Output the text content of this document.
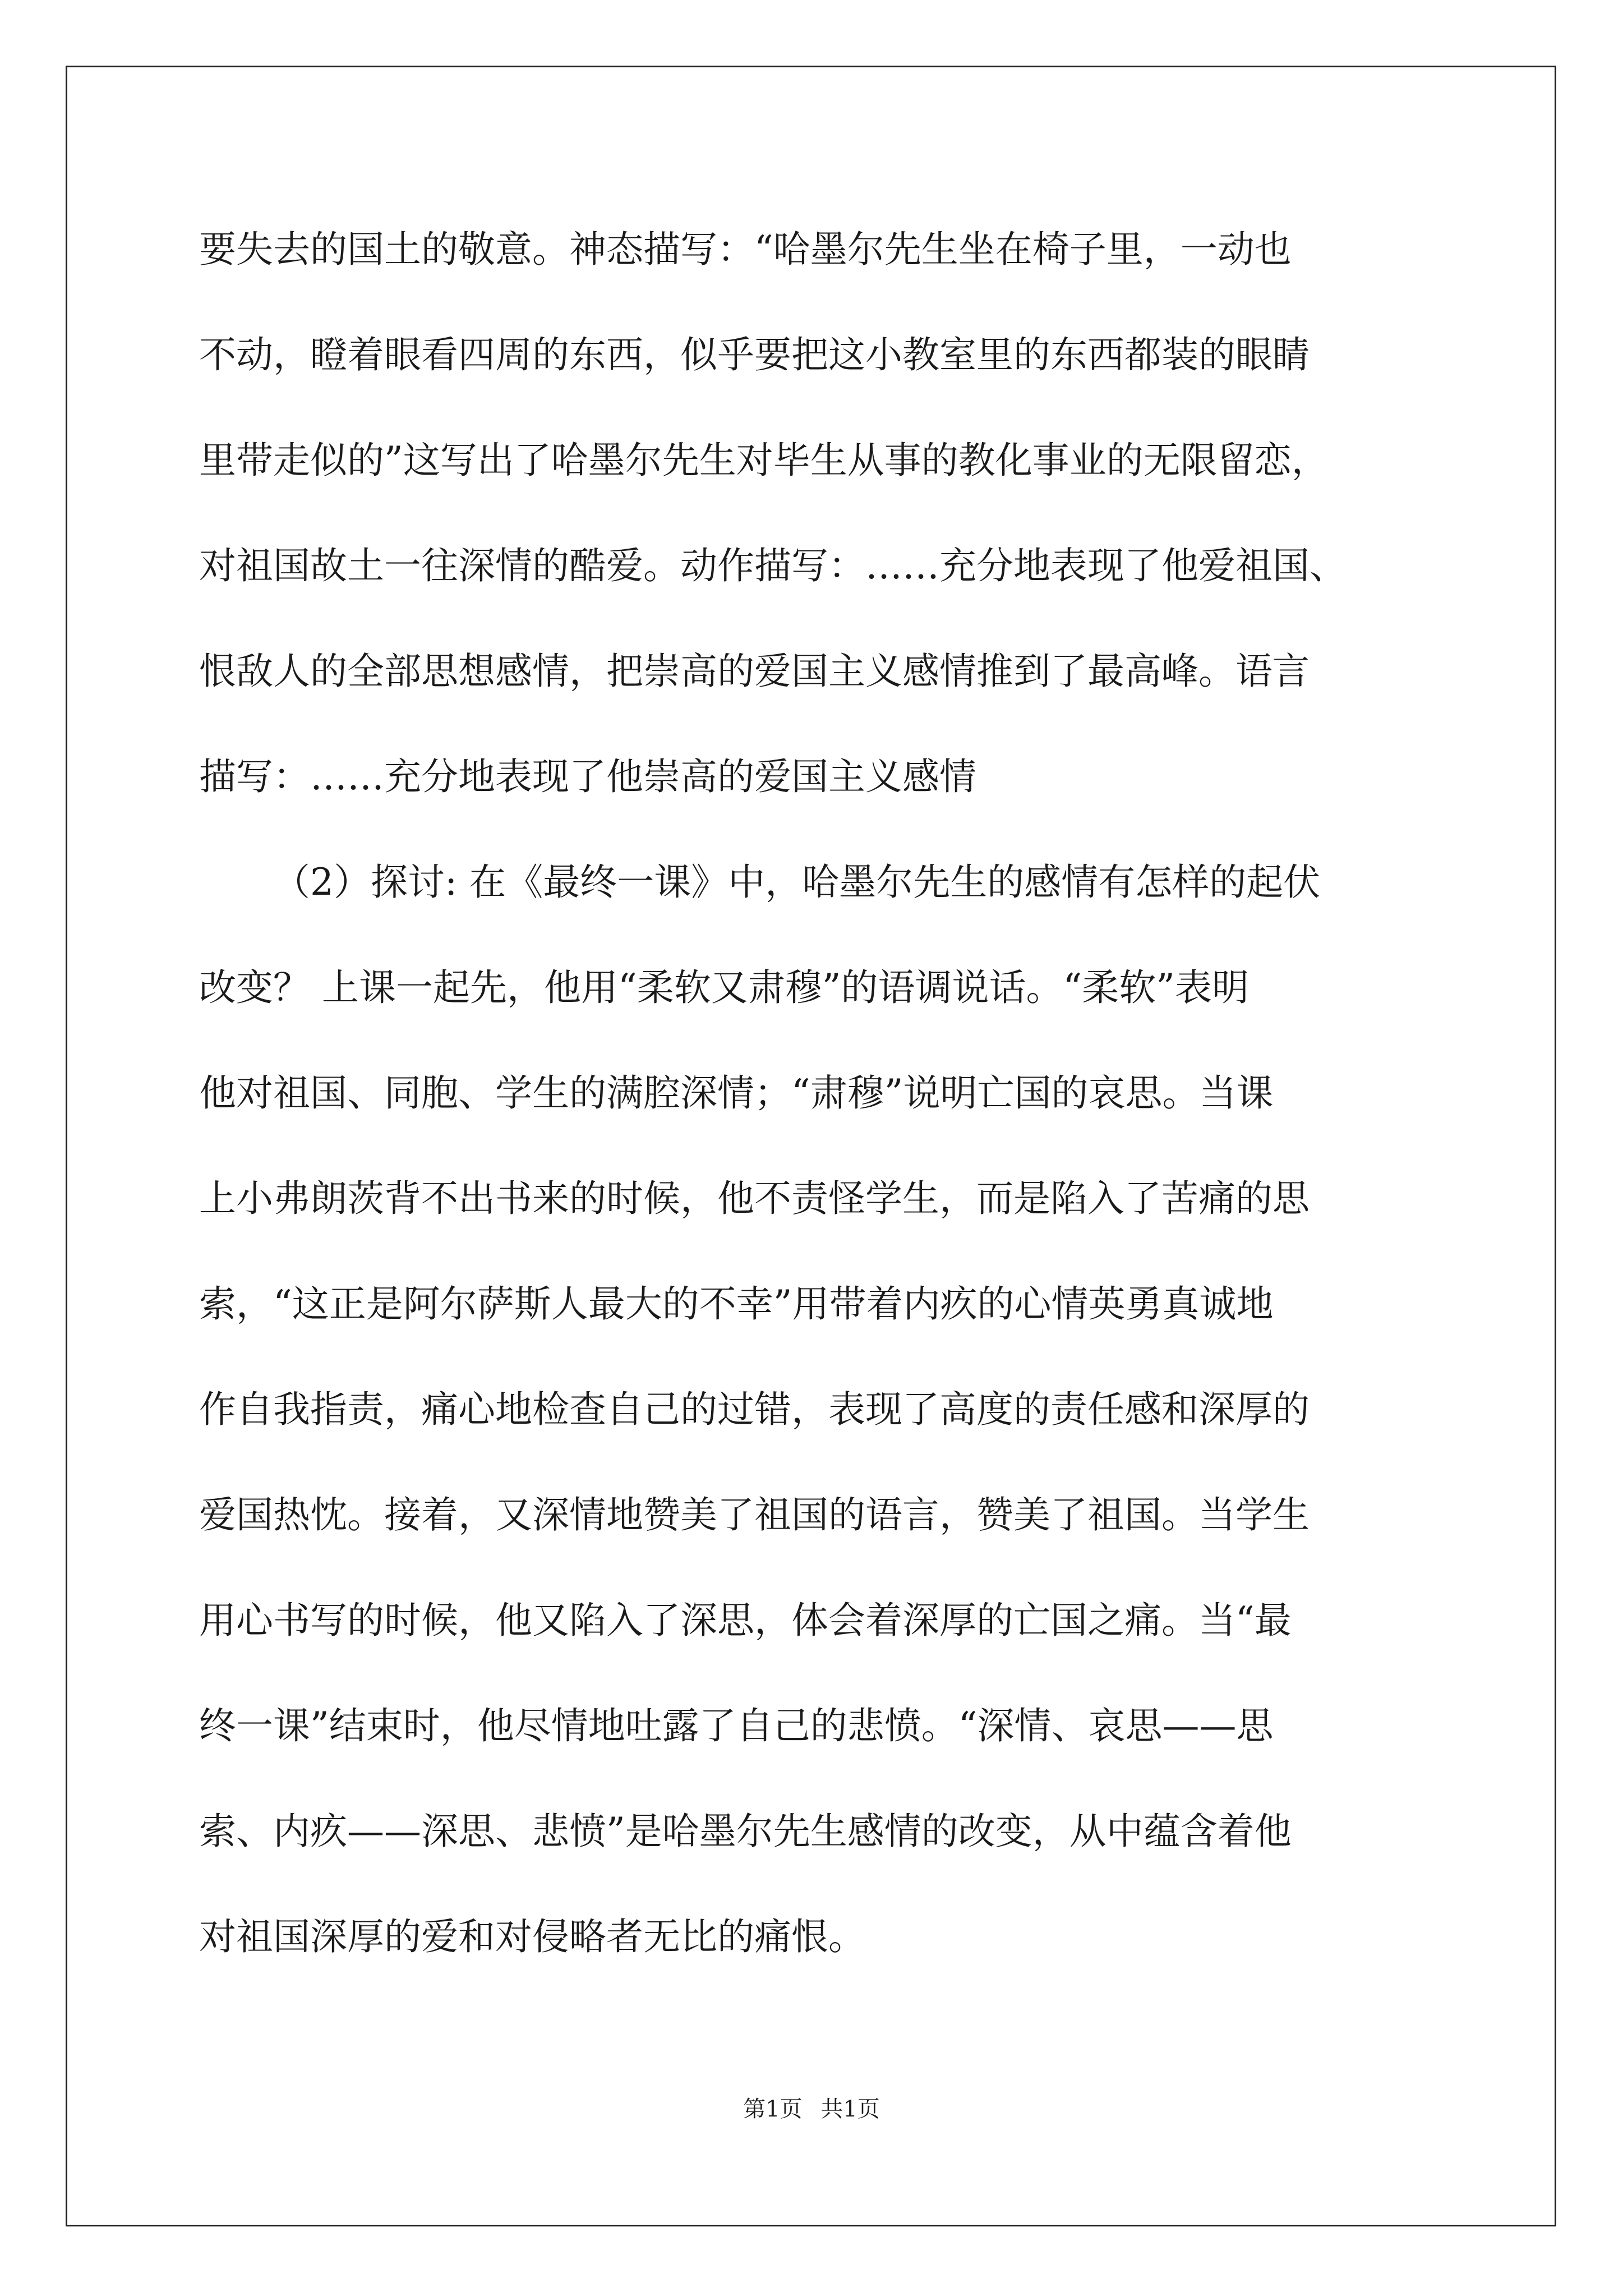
要失去的国土的敬意。神态描写：“哈墨尔先生坐在椅子里，一动也
不动，瞪着眼看四周的东西，似乎要把这小教室里的东西都装的眼睛
里带走似的”这写出了哈墨尔先生对毕生从事的教化事业的无限留恋，
对祖国故土一往深情的酷爱。动作描写：……充分地表现了他爱祖国、
恨敌人的全部思想感情，把崇高的爱国主义感情推到了最高峰。语言
描写：……充分地表现了他崇高的爱国主义感情
（2）探讨: 在《最终一课》中，哈墨尔先生的感情有怎样的起伏
改变？ 上课一起先，他用“柔软又肃穆”的语调说话。“柔软”表明
他对祖国、同胞、学生的满腔深情；“肃穆”说明亡国的哀思。当课
上小弗朗茨背不出书来的时候，他不责怪学生，而是陷入了苦痛的思
索，“这正是阿尔萨斯人最大的不幸”用带着内疚的心情英勇真诚地
作自我指责，痛心地检查自己的过错，表现了高度的责任感和深厚的
爱国热忱。接着，又深情地赞美了祖国的语言，赞美了祖国。当学生
用心书写的时候，他又陷入了深思，体会着深厚的亡国之痛。当“最
终一课”结束时，他尽情地吐露了自己的悲愤。“深情、哀思——思
索、内疚——深思、悲愤”是哈墨尔先生感情的改变，从中蕴含着他
对祖国深厚的爱和对侵略者无比的痛恨。
第1页 共1页
